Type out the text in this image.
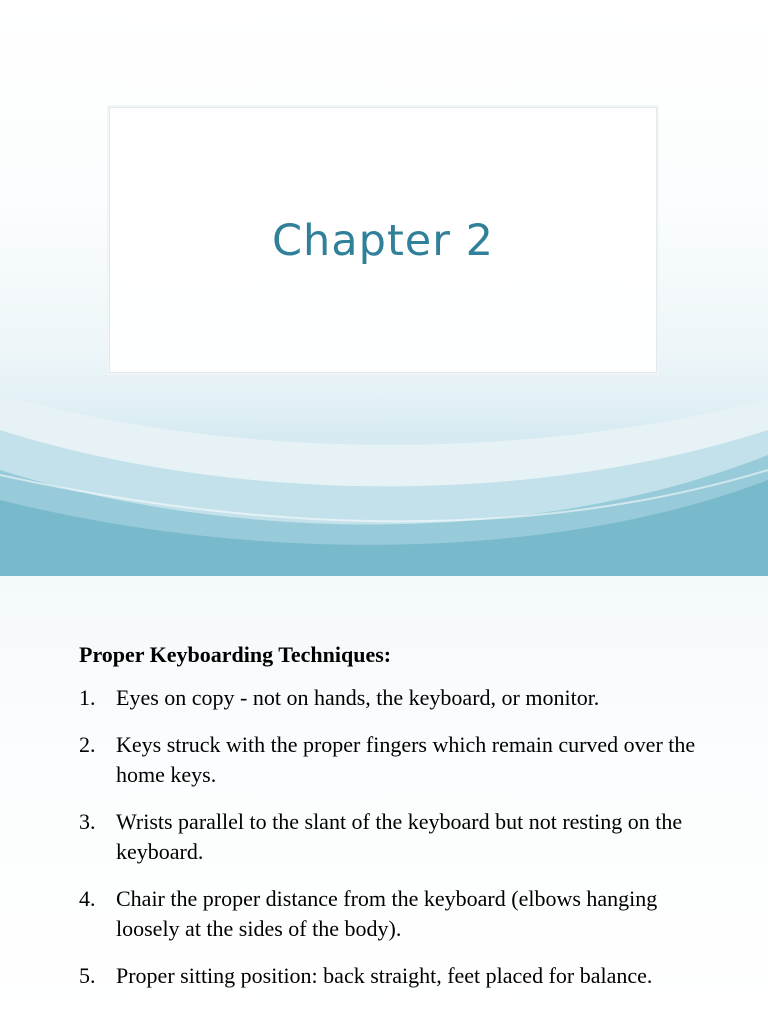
Chapter 2
Proper Keyboarding Techniques:
1. Eyes on copy - not on hands, the keyboard, or monitor.
2. Keys struck with the proper fingers which remain curved over the home keys.
3. Wrists parallel to the slant of the keyboard but not resting on the keyboard.
4. Chair the proper distance from the keyboard (elbows hanging loosely at the sides of the body).
5. Proper sitting position: back straight, feet placed for balance.
